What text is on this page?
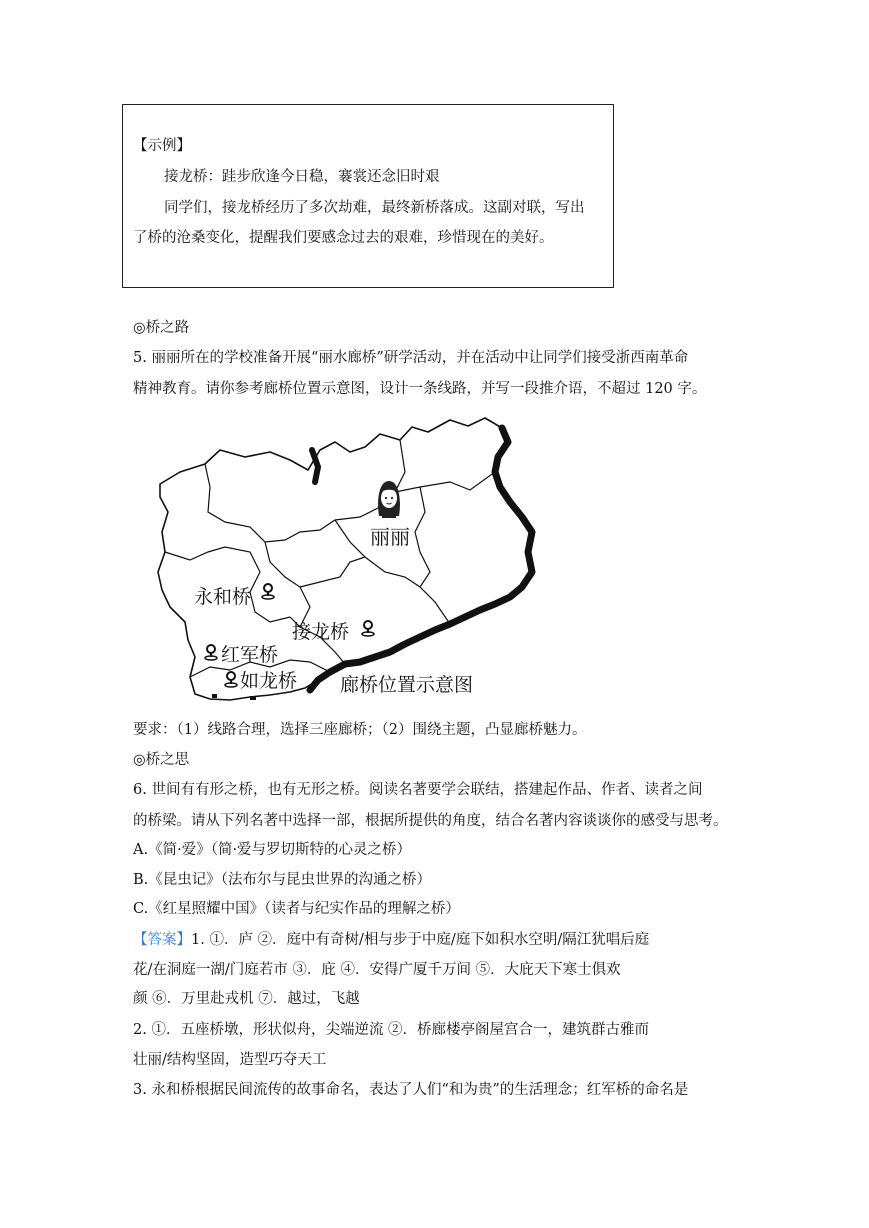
【示例】
接龙桥：跬步欣逢今日稳，褰裳还念旧时艰
同学们，接龙桥经历了多次劫难，最终新桥落成。这副对联，写出
了桥的沧桑变化，提醒我们要感念过去的艰难，珍惜现在的美好。
◎桥之路
5. 丽丽所在的学校准备开展“丽水廊桥”研学活动，并在活动中让同学们接受浙西南革命
精神教育。请你参考廊桥位置示意图，设计一条线路，并写一段推介语，不超过 120 字。
丽丽
永和桥
接龙桥
红军桥
如龙桥 廊桥位置示意图
要求：（1）线路合理，选择三座廊桥；（2）围绕主题，凸显廊桥魅力。
◎桥之思
6. 世间有有形之桥，也有无形之桥。阅读名著要学会联结，搭建起作品、作者、读者之间
的桥梁。请从下列名著中选择一部，根据所提供的角度，结合名著内容谈谈你的感受与思考。
A.《简·爱》（简·爱与罗切斯特的心灵之桥）
B.《昆虫记》（法布尔与昆虫世界的沟通之桥）
C.《红星照耀中国》（读者与纪实作品的理解之桥）
【答案】1. ①．庐 ②．庭中有奇树/相与步于中庭/庭下如积水空明/隔江犹唱后庭
花/在洞庭一湖/门庭若市 ③．庇 ④．安得广厦千万间 ⑤．大庇天下寒士俱欢
颜 ⑥．万里赴戎机 ⑦．越过，飞越
2. ①．五座桥墩，形状似舟，尖端逆流 ②．桥廊楼亭阁屋宫合一，建筑群古雅而
壮丽/结构坚固，造型巧夺天工
3. 永和桥根据民间流传的故事命名，表达了人们“和为贵”的生活理念；红军桥的命名是
